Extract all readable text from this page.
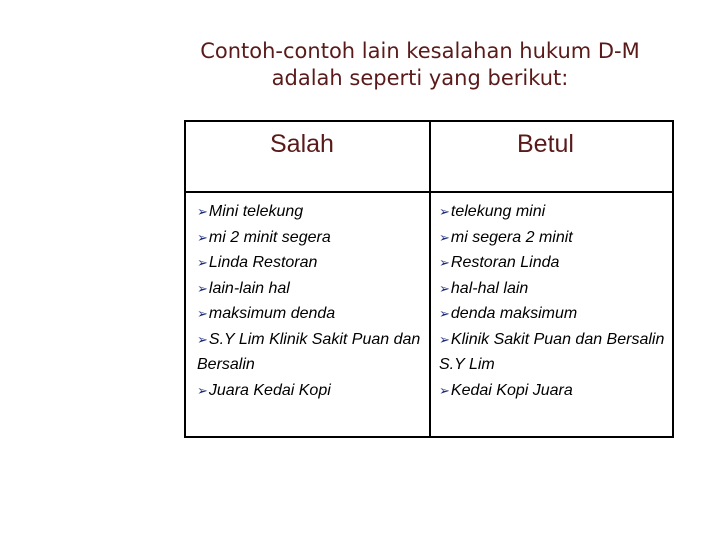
Contoh-contoh lain kesalahan hukum D-M
adalah seperti yang berikut:
Salah	Betul

➢Mini telekung

➢mi 2 minit segera

➢Linda Restoran

➢lain-lain hal

➢maksimum denda

➢S.Y Lim Klinik Sakit Puan dan Bersalin

➢Juara Kedai Kopi

➢telekung mini

➢mi segera 2 minit

➢Restoran Linda

➢hal-hal lain

➢denda maksimum

➢Klinik Sakit Puan dan Bersalin S.Y Lim

➢Kedai Kopi Juara
